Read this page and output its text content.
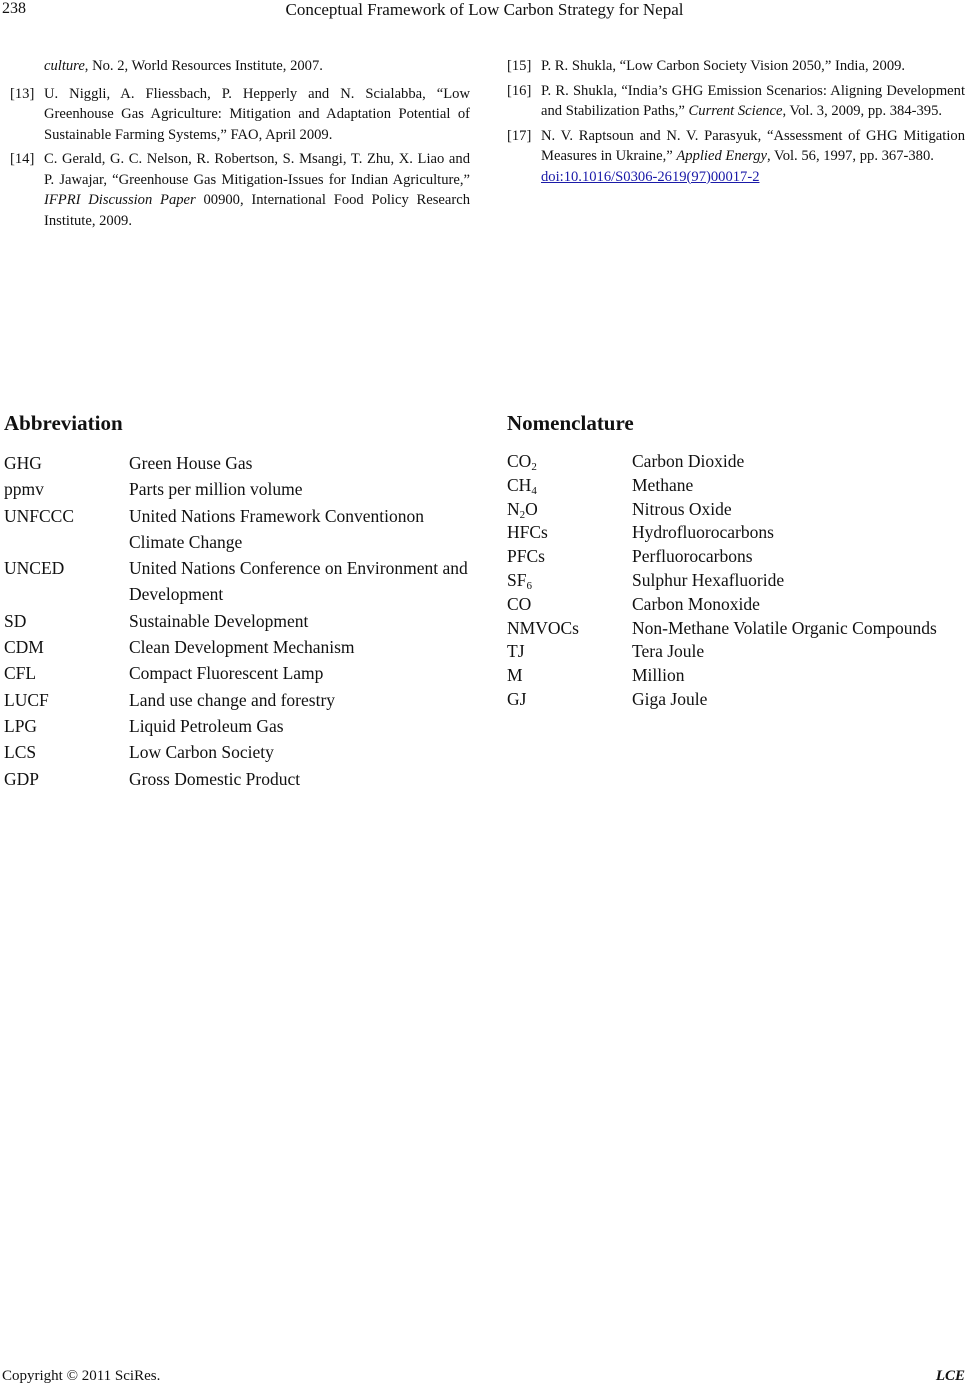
238	Conceptual Framework of Low Carbon Strategy for Nepal
culture, No. 2, World Resources Institute, 2007.
[13] U. Niggli, A. Fliessbach, P. Hepperly and N. Scialabba, “Low Greenhouse Gas Agriculture: Mitigation and Adaptation Potential of Sustainable Farming Systems,” FAO, April 2009.
[14] C. Gerald, G. C. Nelson, R. Robertson, S. Msangi, T. Zhu, X. Liao and P. Jawajar, “Greenhouse Gas Mitigation-Issues for Indian Agriculture,” IFPRI Discussion Paper 00900, International Food Policy Research Institute, 2009.
[15] P. R. Shukla, “Low Carbon Society Vision 2050,” India, 2009.
[16] P. R. Shukla, “India’s GHG Emission Scenarios: Aligning Development and Stabilization Paths,” Current Science, Vol. 3, 2009, pp. 384-395.
[17] N. V. Raptsoun and N. V. Parasyuk, “Assessment of GHG Mitigation Measures in Ukraine,” Applied Energy, Vol. 56, 1997, pp. 367-380.
doi:10.1016/S0306-2619(97)00017-2
Abbreviation
GHG	Green House Gas
ppmv	Parts per million volume
UNFCCC	United Nations Framework Conventionon Climate Change
UNCED	United Nations Conference on Environment and Development
SD	Sustainable Development
CDM	Clean Development Mechanism
CFL	Compact Fluorescent Lamp
LUCF	Land use change and forestry
LPG	Liquid Petroleum Gas
LCS	Low Carbon Society
GDP	Gross Domestic Product
Nomenclature
$CO_2$	Carbon Dioxide
$CH_4$	Methane
$N_2O$	Nitrous Oxide
HFCs	Hydrofluorocarbons
PFCs	Perfluorocarbons
$SF_6$	Sulphur Hexafluoride
CO	Carbon Monoxide
NMVOCs	Non-Methane Volatile Organic Compounds
TJ	Tera Joule
M	Million
GJ	Giga Joule
Copyright © 2011 SciRes.	LCE
